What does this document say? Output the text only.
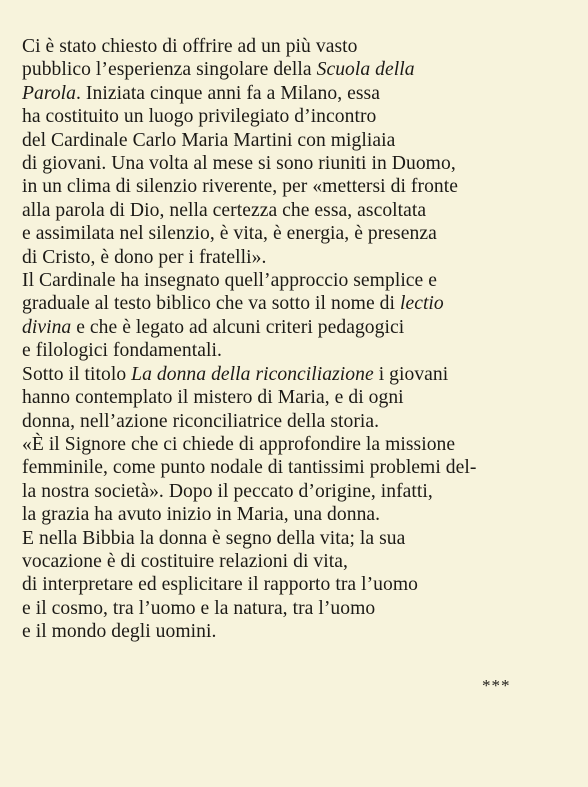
Ci è stato chiesto di offrire ad un più vasto
pubblico l’esperienza singolare della Scuola della
Parola. Iniziata cinque anni fa a Milano, essa
ha costituito un luogo privilegiato d’incontro
del Cardinale Carlo Maria Martini con migliaia
di giovani. Una volta al mese si sono riuniti in Duomo,
in un clima di silenzio riverente, per «mettersi di fronte
alla parola di Dio, nella certezza che essa, ascoltata
e assimilata nel silenzio, è vita, è energia, è presenza
di Cristo, è dono per i fratelli».
Il Cardinale ha insegnato quell’approccio semplice e
graduale al testo biblico che va sotto il nome di lectio
divina e che è legato ad alcuni criteri pedagogici
e filologici fondamentali.
Sotto il titolo La donna della riconciliazione i giovani
hanno contemplato il mistero di Maria, e di ogni
donna, nell’azione riconciliatrice della storia.
«È il Signore che ci chiede di approfondire la missione
femminile, come punto nodale di tantissimi problemi del-
la nostra società». Dopo il peccato d’origine, infatti,
la grazia ha avuto inizio in Maria, una donna.
E nella Bibbia la donna è segno della vita; la sua
vocazione è di costituire relazioni di vita,
di interpretare ed esplicitare il rapporto tra l’uomo
e il cosmo, tra l’uomo e la natura, tra l’uomo
e il mondo degli uomini.
***
